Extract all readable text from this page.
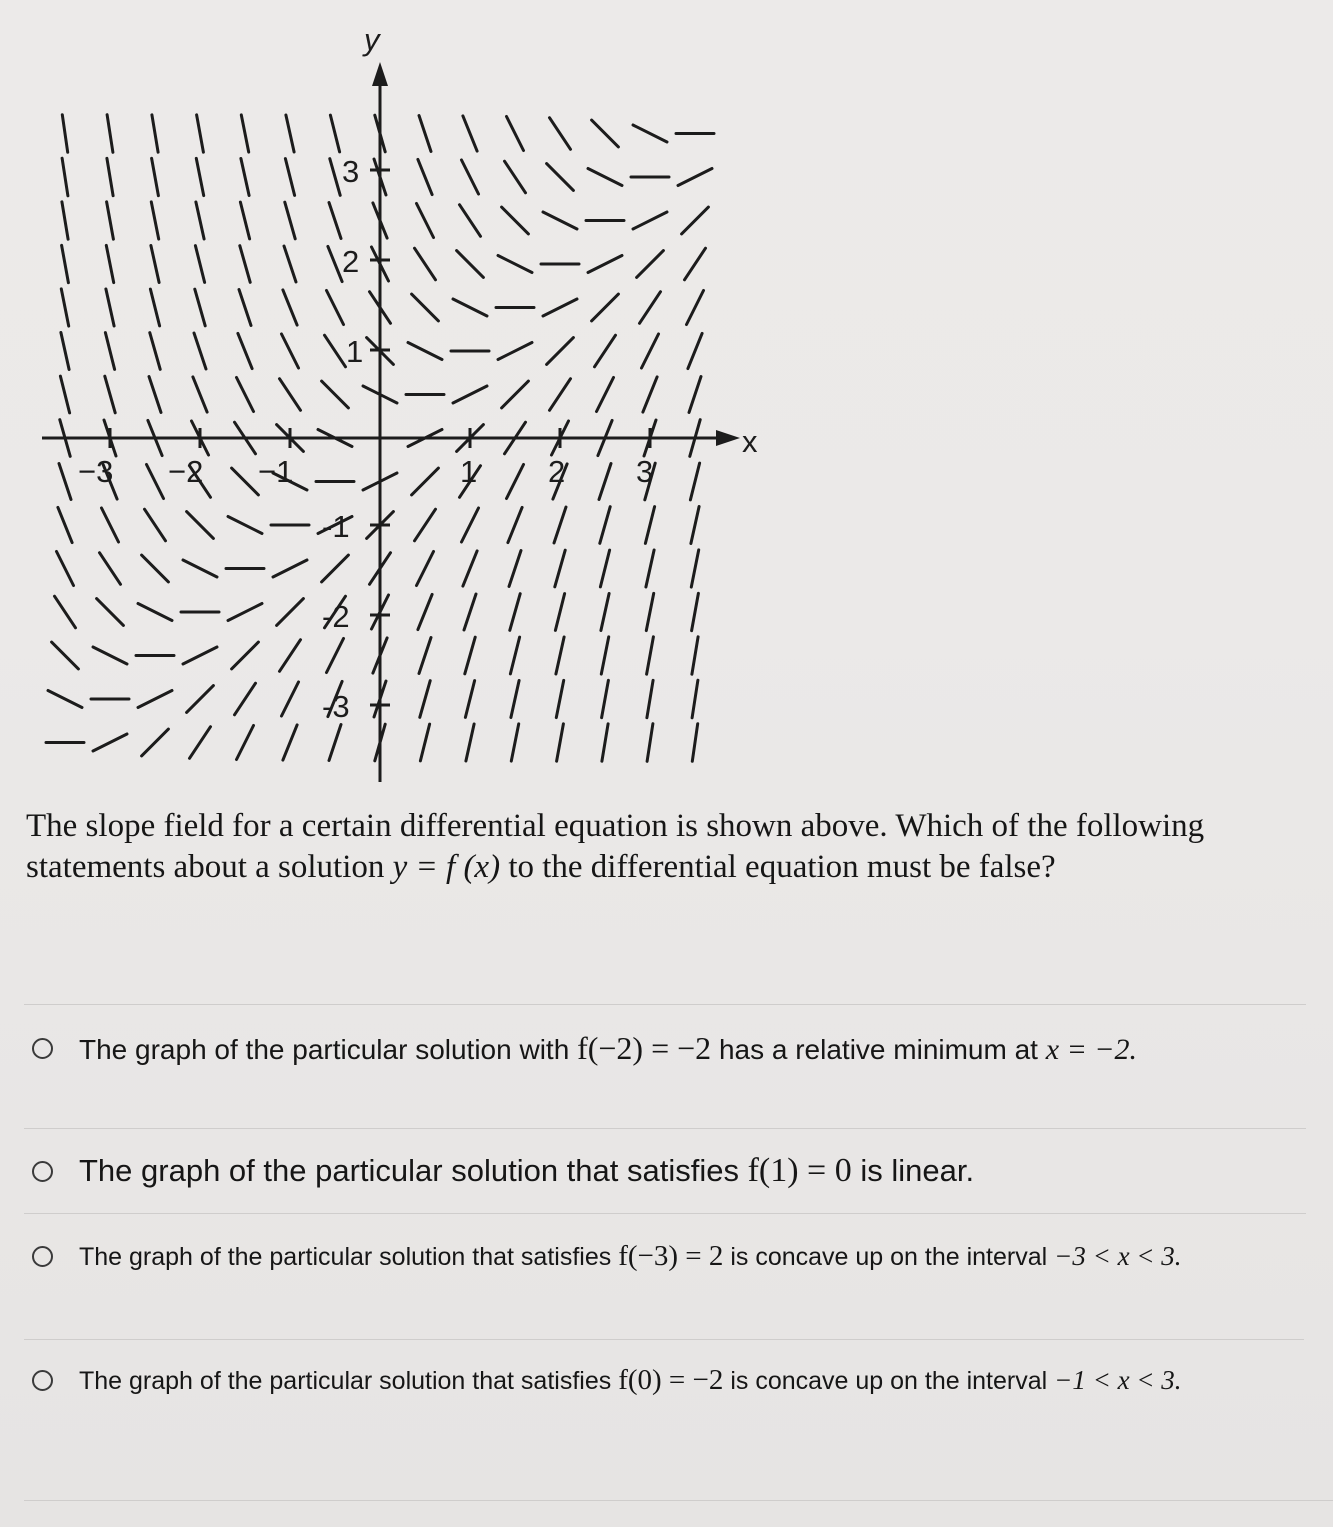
x
y
−3 −2 −1	1 2 3
3
2
1
-1
-2
-3

The slope field for a certain differential equation is shown above. Which of the following
statements about a solution y = f (x) to the differential equation must be false?

The graph of the particular solution with f(−2) = −2 has a relative minimum at x = −2.
The graph of the particular solution that satisfies f(1) = 0 is linear.
The graph of the particular solution that satisfies f(−3) = 2 is concave up on the interval −3 < x < 3.
The graph of the particular solution that satisfies f(0) = −2 is concave up on the interval −1 < x < 3.
